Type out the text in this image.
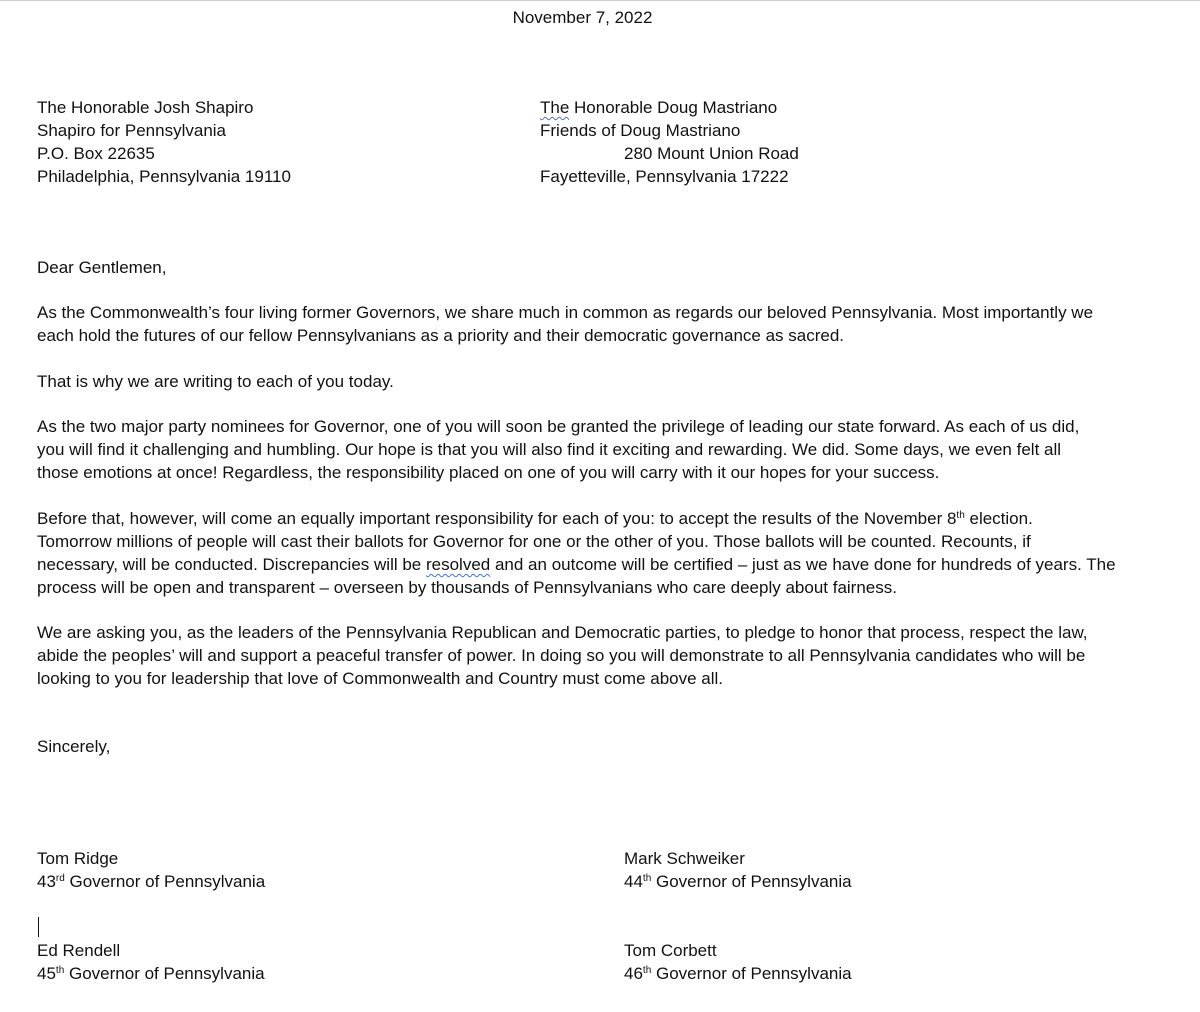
November 7, 2022
The Honorable Josh Shapiro
Shapiro for Pennsylvania
P.O. Box 22635
Philadelphia, Pennsylvania 19110
The Honorable Doug Mastriano
Friends of Doug Mastriano
280 Mount Union Road
Fayetteville, Pennsylvania 17222
Dear Gentlemen,
As the Commonwealth’s four living former Governors, we share much in common as regards our beloved Pennsylvania. Most importantly we
each hold the futures of our fellow Pennsylvanians as a priority and their democratic governance as sacred.
That is why we are writing to each of you today.
As the two major party nominees for Governor, one of you will soon be granted the privilege of leading our state forward. As each of us did,
you will find it challenging and humbling. Our hope is that you will also find it exciting and rewarding. We did. Some days, we even felt all
those emotions at once! Regardless, the responsibility placed on one of you will carry with it our hopes for your success.
Before that, however, will come an equally important responsibility for each of you: to accept the results of the November 8th election.
Tomorrow millions of people will cast their ballots for Governor for one or the other of you. Those ballots will be counted. Recounts, if
necessary, will be conducted. Discrepancies will be resolved and an outcome will be certified – just as we have done for hundreds of years. The
process will be open and transparent – overseen by thousands of Pennsylvanians who care deeply about fairness.
We are asking you, as the leaders of the Pennsylvania Republican and Democratic parties, to pledge to honor that process, respect the law,
abide the peoples’ will and support a peaceful transfer of power. In doing so you will demonstrate to all Pennsylvania candidates who will be
looking to you for leadership that love of Commonwealth and Country must come above all.
Sincerely,
Tom Ridge
43rd Governor of Pennsylvania
Mark Schweiker
44th Governor of Pennsylvania
Ed Rendell
45th Governor of Pennsylvania
Tom Corbett
46th Governor of Pennsylvania
